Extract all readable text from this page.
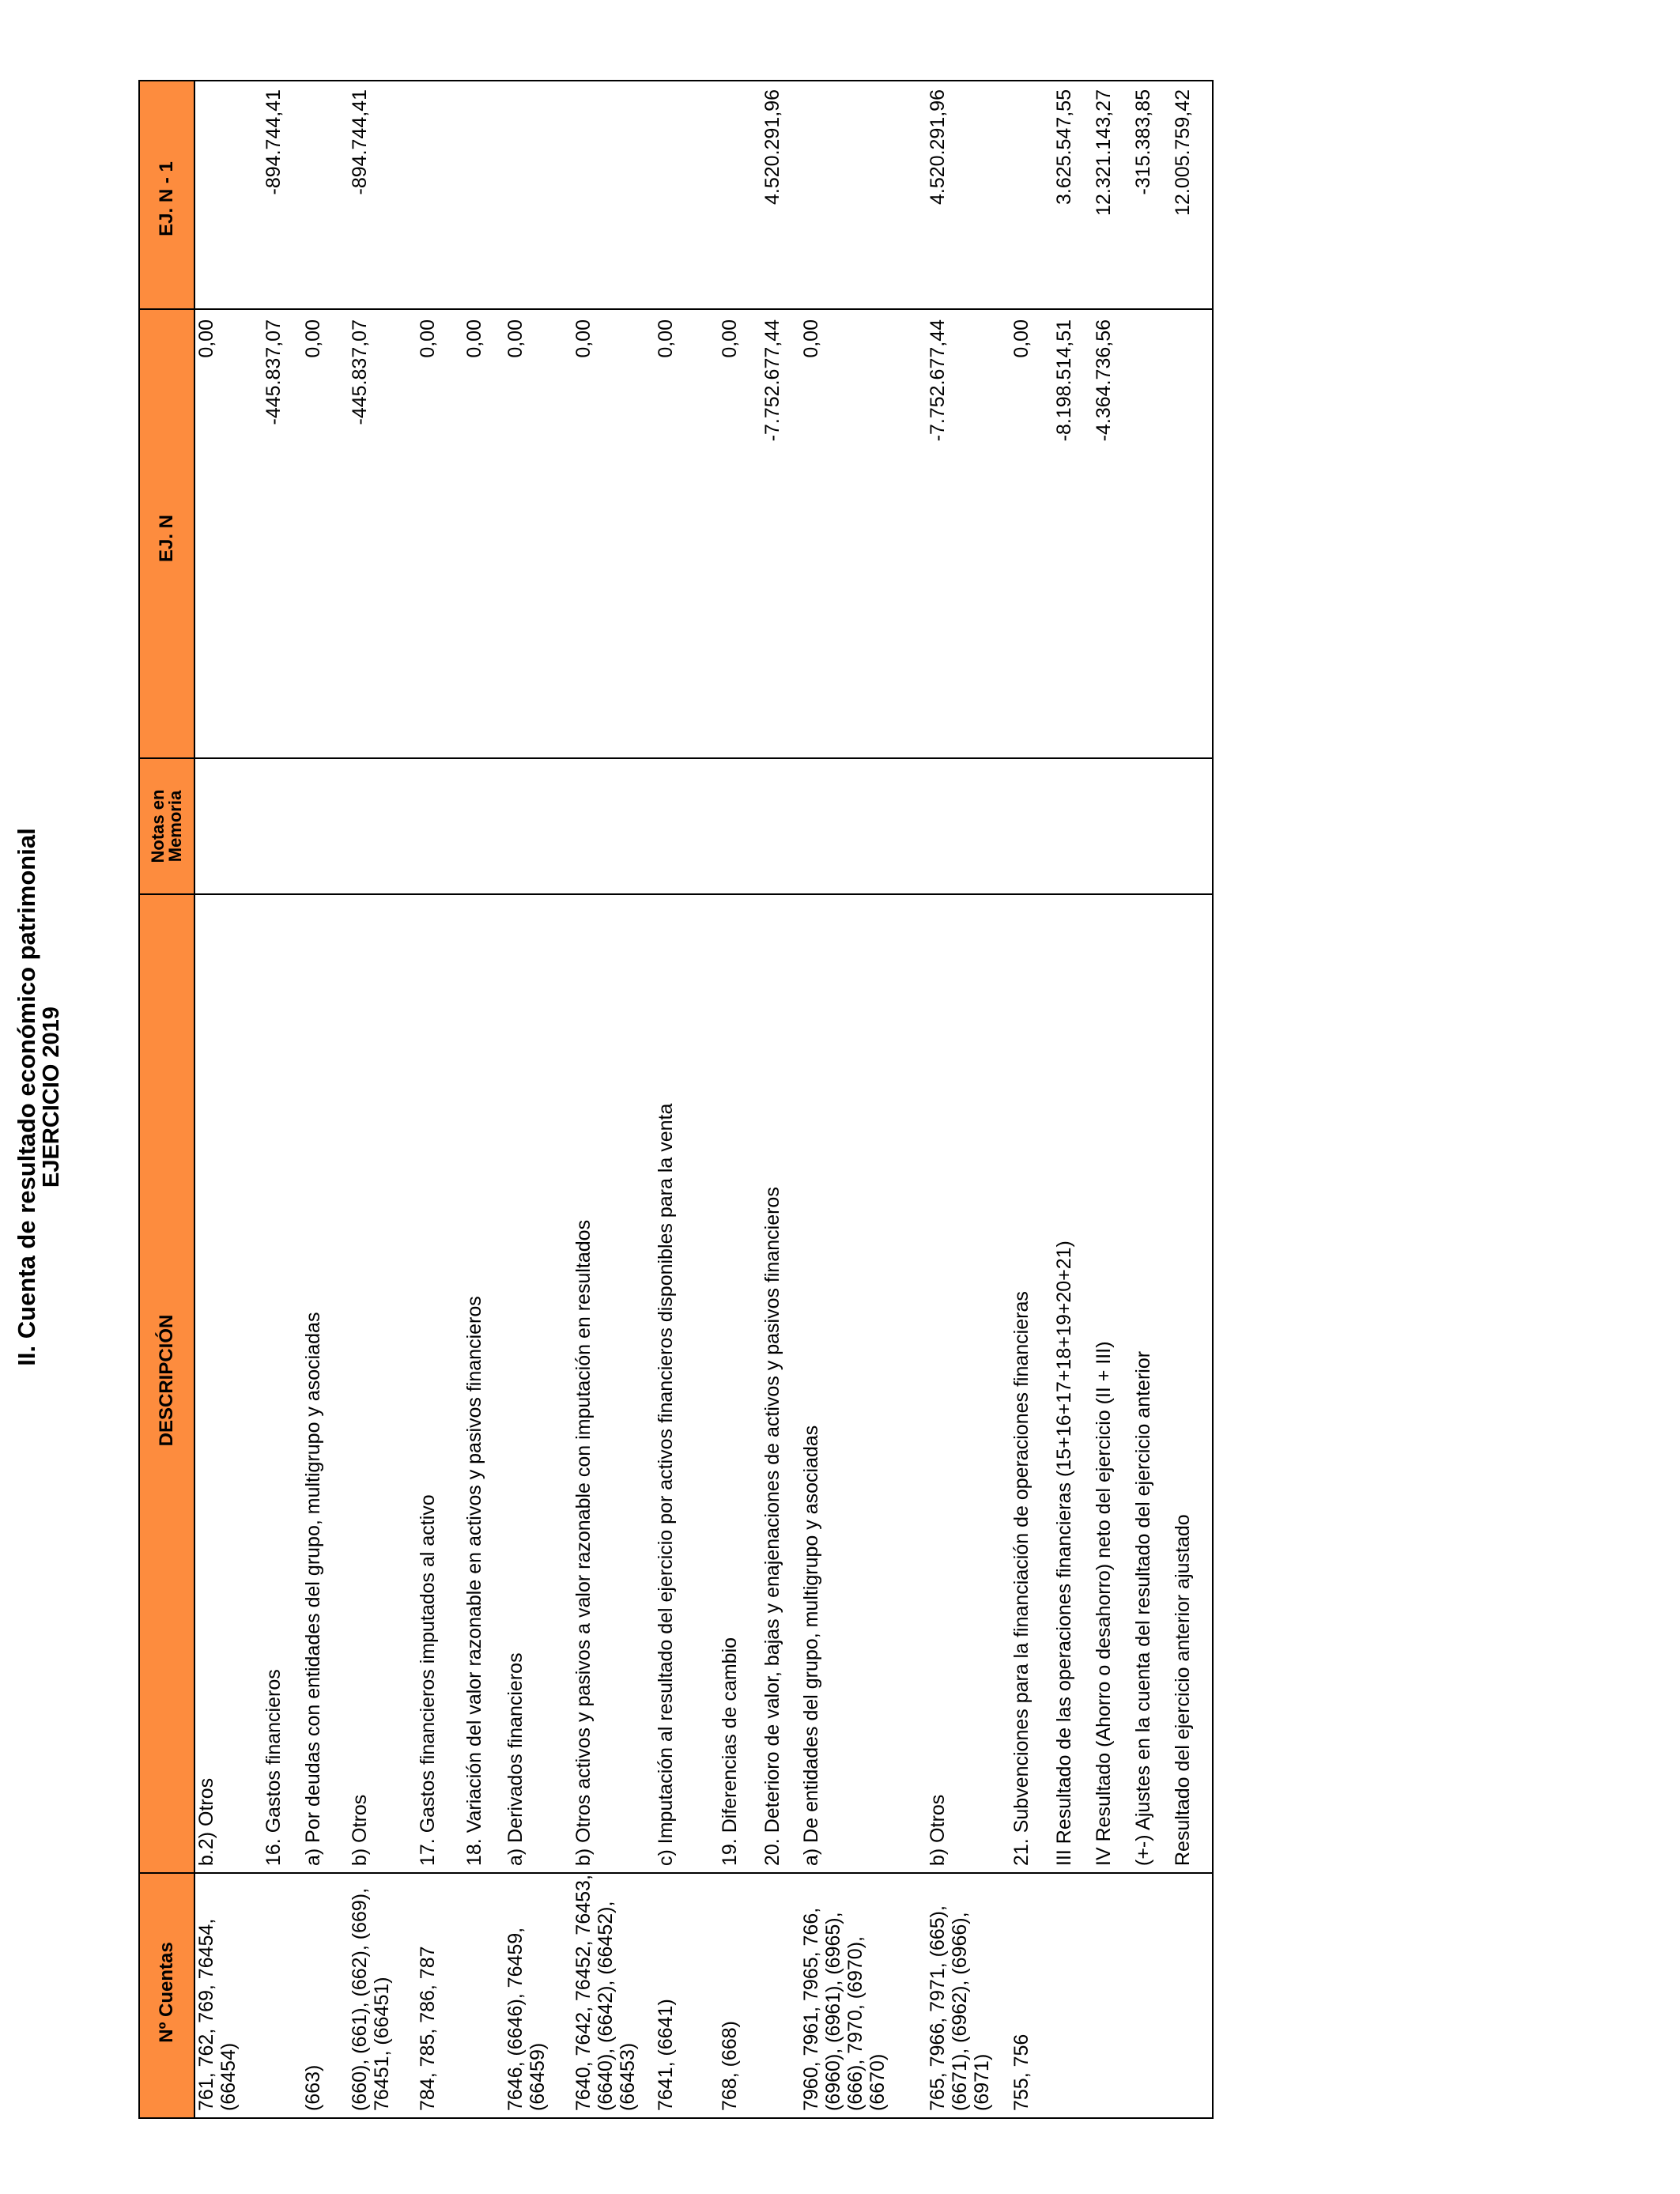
II. Cuenta de resultado económico patrimonial
EJERCICIO 2019
Nº Cuentas	DESCRIPCIÓN	Notas en
Memoria	EJ. N	EJ. N - 1
761, 762, 769, 76454, (66454)	b.2) Otros		0,00	
	16. Gastos financieros		-445.837,07	-894.744,41
(663)	a) Por deudas con entidades del grupo, multigrupo y asociadas		0,00	
(660), (661), (662), (669), 76451, (66451)	b) Otros		-445.837,07	-894.744,41
784, 785, 786, 787	17. Gastos financieros imputados al activo		0,00	
	18. Variación del valor razonable en activos y pasivos financieros		0,00	
7646, (6646), 76459, (66459)	a) Derivados financieros		0,00	
7640, 7642, 76452, 76453, (6640), (6642), (66452), (66453)	b) Otros activos y pasivos a valor razonable con imputación en resultados		0,00	
7641, (6641)	c) Imputación al resultado del ejercicio por activos financieros disponibles para la venta		0,00	
768, (668)	19. Diferencias de cambio		0,00	
	20. Deterioro de valor, bajas y enajenaciones de activos y pasivos financieros		-7.752.677,44	4.520.291,96
7960, 7961, 7965, 766, (6960), (6961), (6965), (666), 7970, (6970), (6670)	a) De entidades del grupo, multigrupo y asociadas		0,00	
765, 7966, 7971, (665), (6671), (6962), (6966), (6971)	b) Otros		-7.752.677,44	4.520.291,96
755, 756	21. Subvenciones para la financiación de operaciones financieras		0,00	
	III Resultado de las operaciones financieras (15+16+17+18+19+20+21)		-8.198.514,51	3.625.547,55
	IV Resultado (Ahorro o desahorro) neto del ejercicio (II + III)		-4.364.736,56	12.321.143,27
	(+-) Ajustes en la cuenta del resultado del ejercicio anterior			-315.383,85
	Resultado del ejercicio anterior ajustado			12.005.759,42
